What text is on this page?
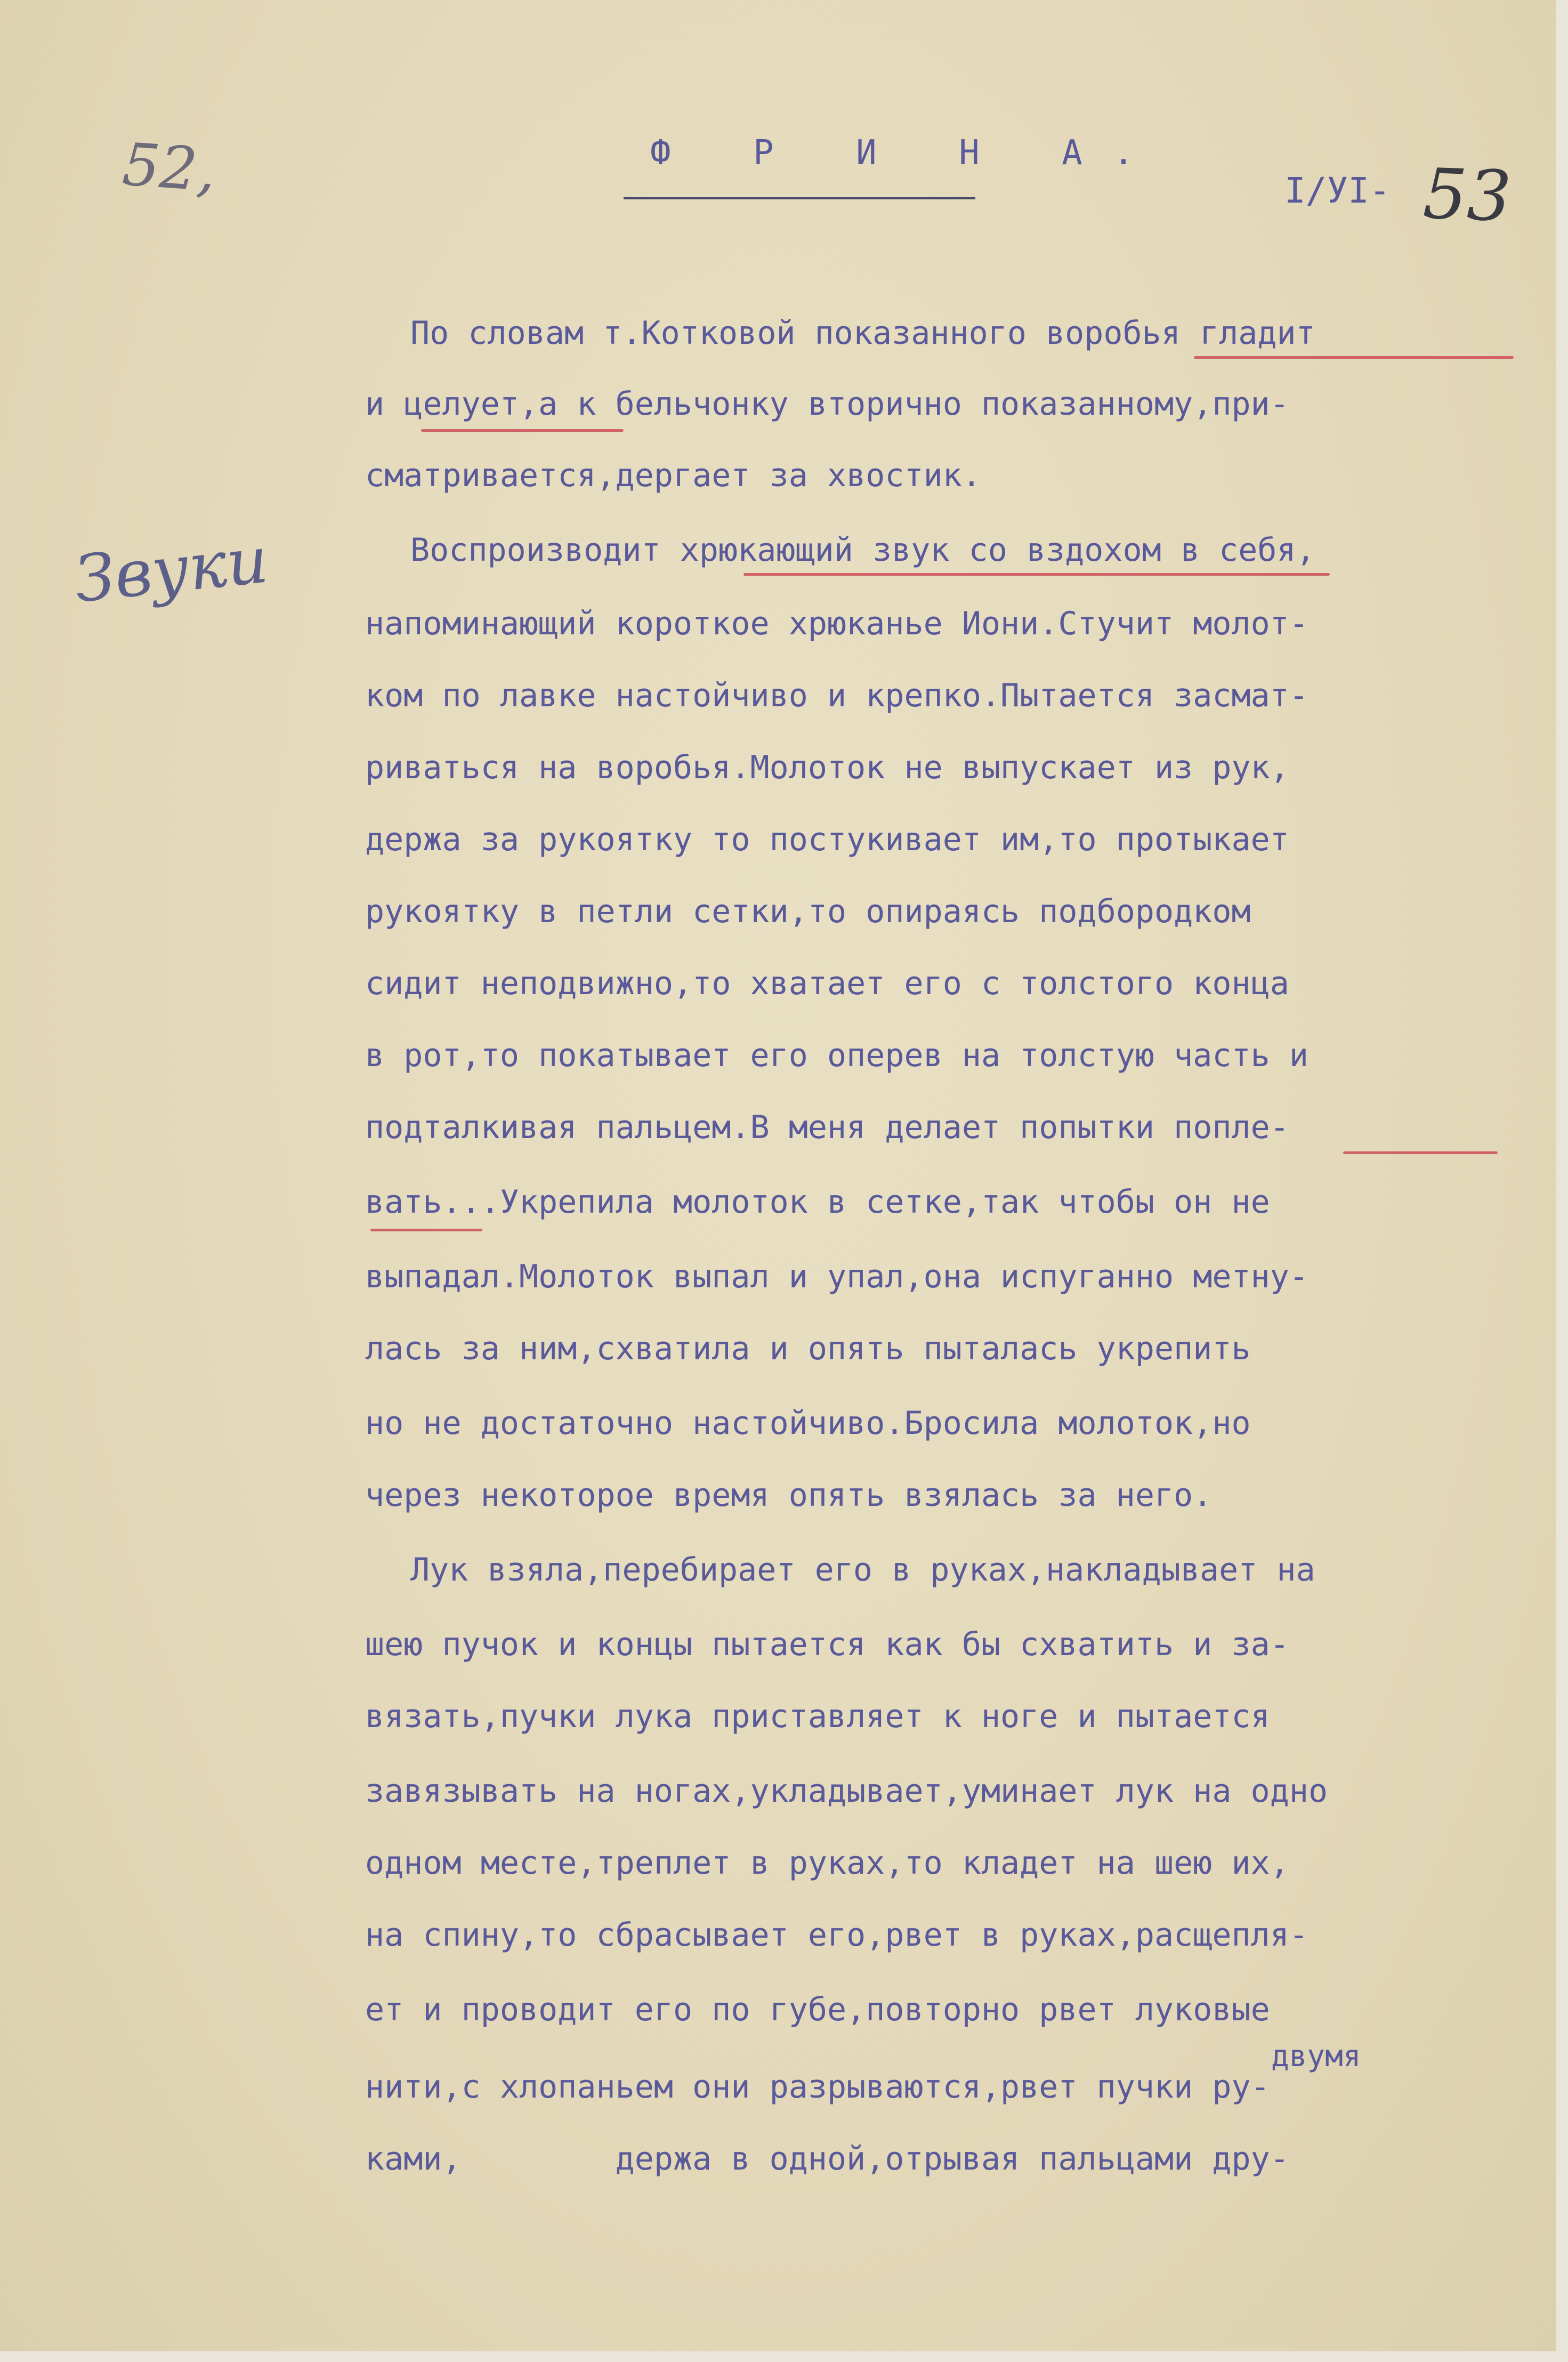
52,	53
Звуки
Ф Р И Н А.
I/УI-
По словам т.Котковой показанного воробья гладит
и целует,а к бельчонку вторично показанному,при-
сматривается,дергает за хвостик.
Воспроизводит хрюкающий звук со вздохом в себя,
напоминающий короткое хрюканье Иони.Стучит молот-
ком по лавке настойчиво и крепко.Пытается засмат-
риваться на воробья.Молоток не выпускает из рук,
держа за рукоятку то постукивает им,то протыкает
рукоятку в петли сетки,то опираясь подбородком
сидит неподвижно,то хватает его с толстого конца
в рот,то покатывает его оперев на толстую часть и
подталкивая пальцем.В меня делает попытки попле-
вать...Укрепила молоток в сетке,так чтобы он не
выпадал.Молоток выпал и упал,она испуганно метну-
лась за ним,схватила и опять пыталась укрепить
но не достаточно настойчиво.Бросила молоток,но
через некоторое время опять взялась за него.
Лук взяла,перебирает его в руках,накладывает на
шею пучок и концы пытается как бы схватить и за-
вязать,пучки лука приставляет к ноге и пытается
завязывать на ногах,укладывает,уминает лук на одно
одном месте,треплет в руках,то кладет на шею их,
на спину,то сбрасывает его,рвет в руках,расщепля-
ет и проводит его по губе,повторно рвет луковые
двумя
нити,с хлопаньем они разрываются,рвет пучки ру-
ками,        держа в одной,отрывая пальцами дру-
